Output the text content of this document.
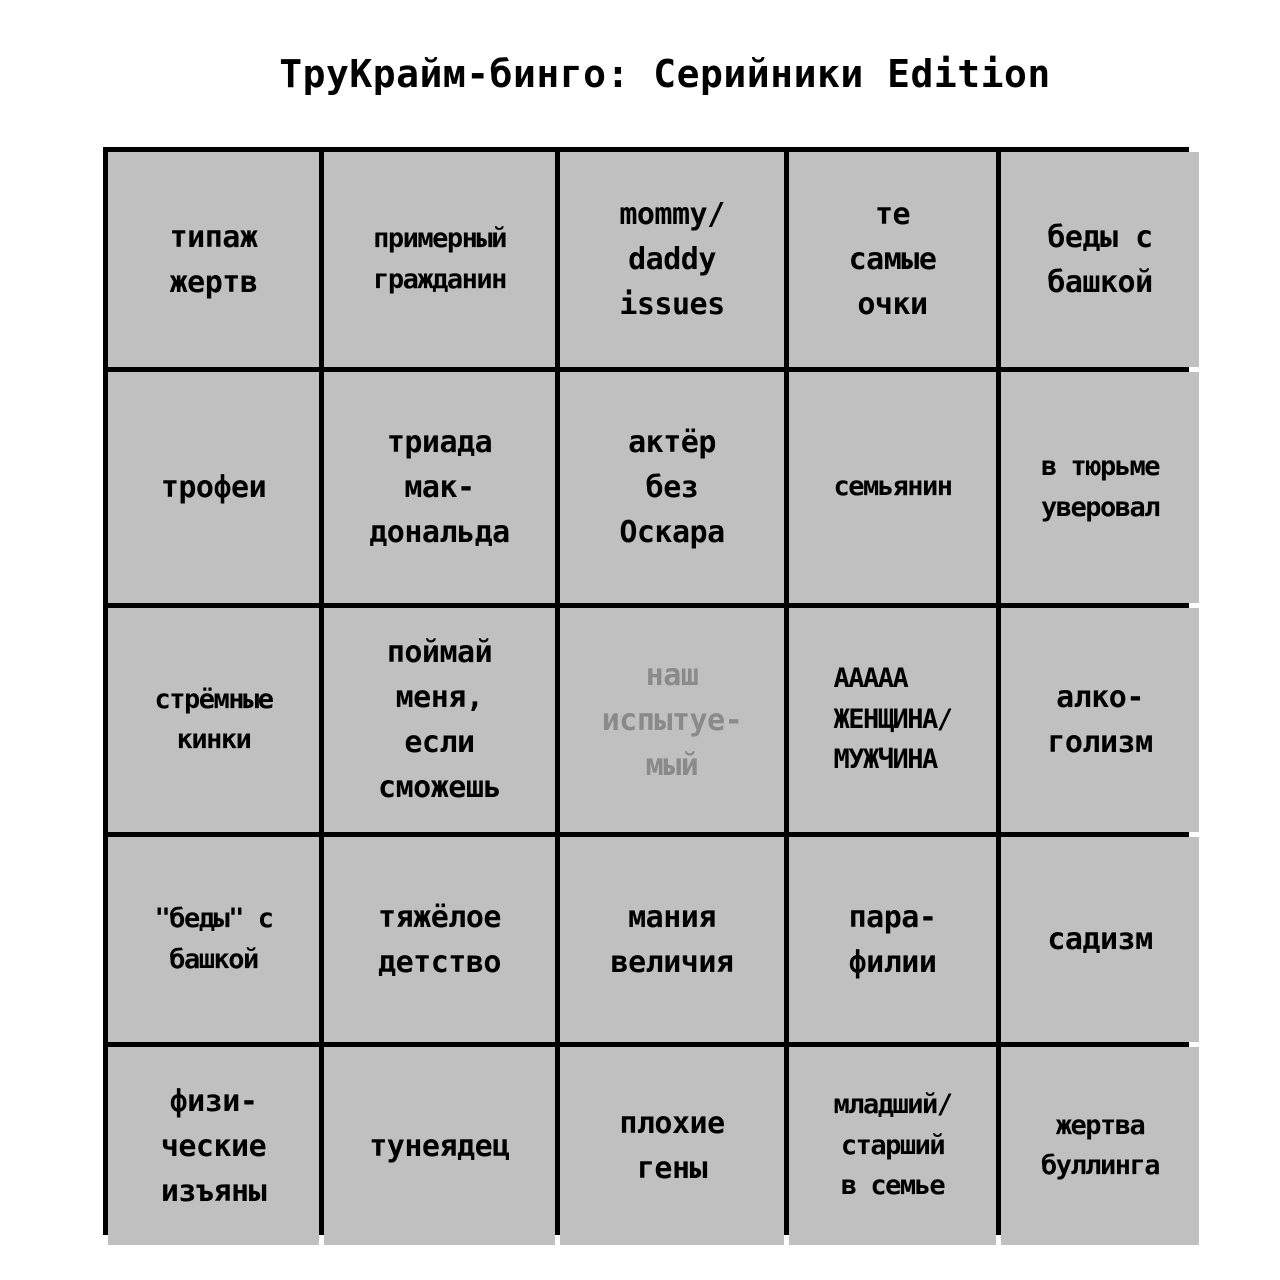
ТруКрайм-бинго: Серийники Edition
типаж
жертв
примерный
гражданин
mommy/
daddy
issues
те
самые
очки
беды с
башкой
трофеи
триада
мак-
дональда
актёр
без
Оскара
семьянин
в тюрьме
уверовал
стрёмные
кинки
поймай
меня,
если
сможешь
наш
испытуе-
мый
ААААА
ЖЕНЩИНА/
МУЖЧИНА
алко-
голизм
"беды" с
башкой
тяжёлое
детство
мания
величия
пара-
филии
садизм
физи-
ческие
изъяны
тунеядец
плохие
гены
младший/
старший
в семье
жертва
буллинга
